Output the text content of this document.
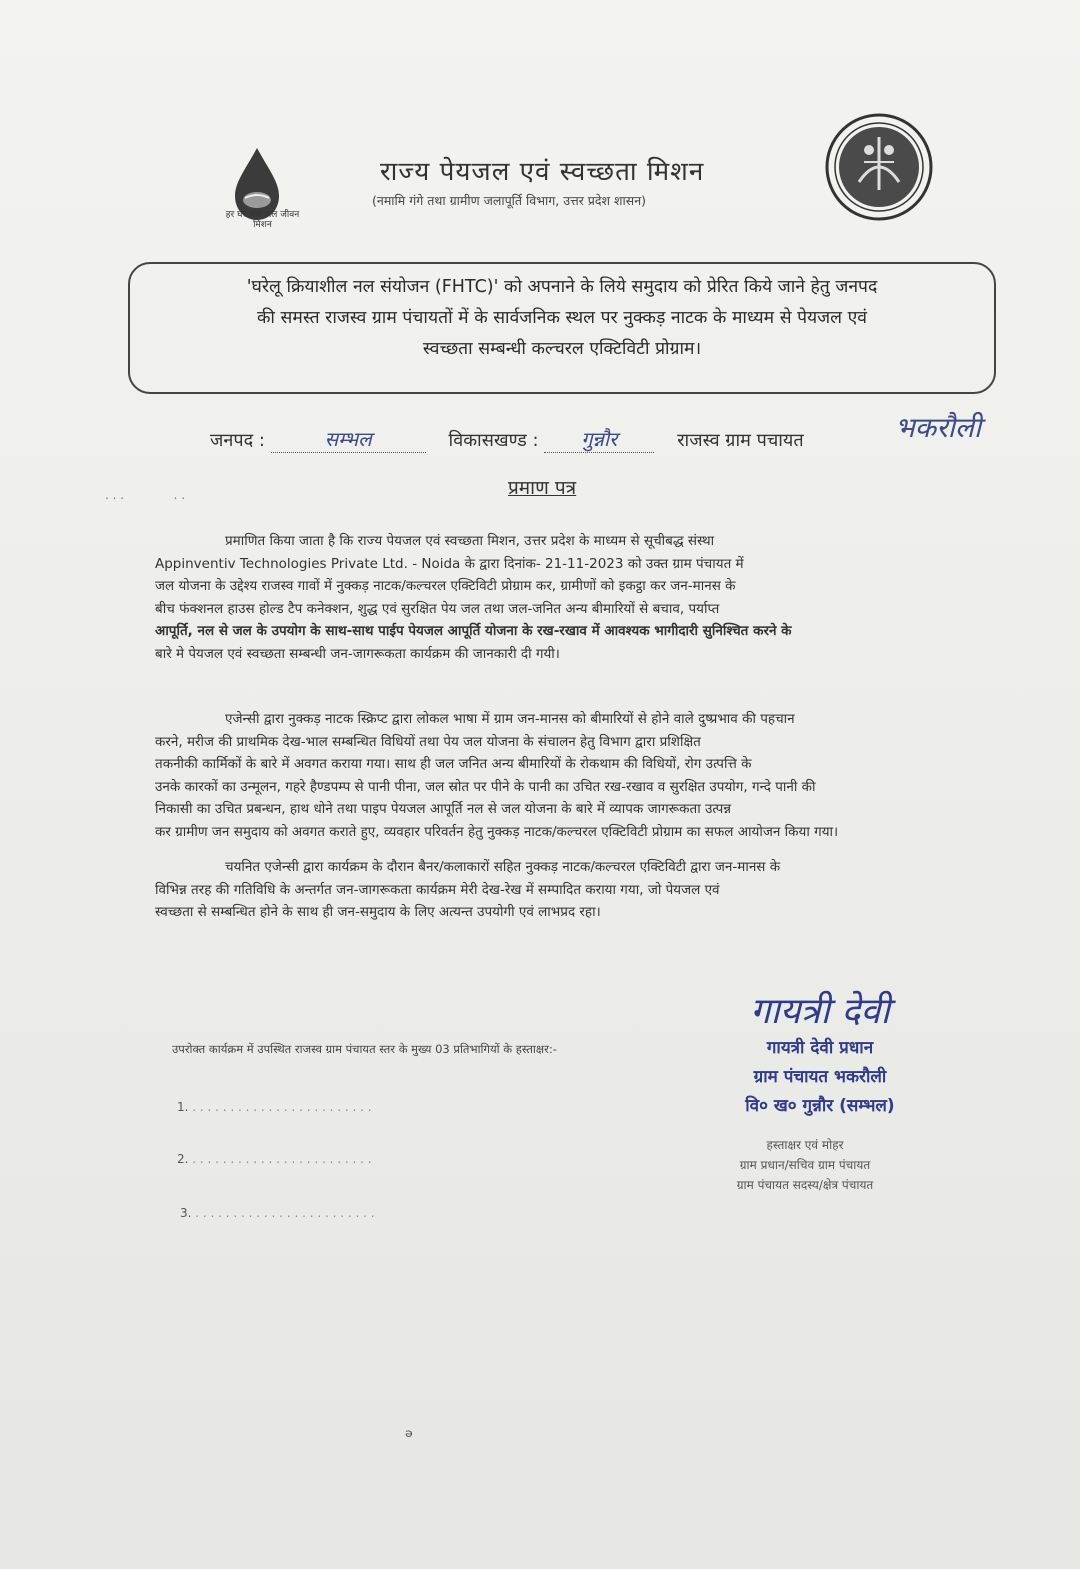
हर घर जल जल जीवन मिशन
राज्य पेयजल एवं स्वच्छता मिशन
(नमामि गंगे तथा ग्रामीण जलापूर्ति विभाग, उत्तर प्रदेश शासन)
'घरेलू क्रियाशील नल संयोजन (FHTC)' को अपनाने के लिये समुदाय को प्रेरित किये जाने हेतु जनपद
की समस्त राजस्व ग्राम पंचायतों में के सार्वजनिक स्थल पर नुक्कड़ नाटक के माध्यम से पेयजल एवं
स्वच्छता सम्बन्धी कल्चरल एक्टिविटी प्रोग्राम।
जनपद :	सम्भल	विकासखण्ड : गुन्नौर	राजस्व ग्राम पचायत	भकरौली
प्रमाण पत्र
. . .             . .
प्रमाणित किया जाता है कि राज्य पेयजल एवं स्वच्छता मिशन, उत्तर प्रदेश के माध्यम से सूचीबद्ध संस्था
Appinventiv Technologies Private Ltd. - Noida के द्वारा दिनांक- 21-11-2023 को उक्त ग्राम पंचायत में
जल योजना के उद्देश्य राजस्व गावों में नुक्कड़ नाटक/कल्चरल एक्टिविटी प्रोग्राम कर, ग्रामीणों को इकट्ठा कर जन-मानस के
बीच फंक्शनल हाउस होल्ड टैप कनेक्शन, शुद्ध एवं सुरक्षित पेय जल तथा जल-जनित अन्य बीमारियों से बचाव, पर्याप्त
आपूर्ति, नल से जल के उपयोग के साथ-साथ पाईप पेयजल आपूर्ति योजना के रख-रखाव में आवश्यक भागीदारी सुनिश्चित करने के
बारे मे पेयजल एवं स्वच्छता सम्बन्धी जन-जागरूकता कार्यक्रम की जानकारी दी गयी।
एजेन्सी द्वारा नुक्कड़ नाटक स्क्रिप्ट द्वारा लोकल भाषा में ग्राम जन-मानस को बीमारियों से होने वाले दुष्प्रभाव की पहचान
करने, मरीज की प्राथमिक देख-भाल सम्बन्धित विधियों तथा पेय जल योजना के संचालन हेतु विभाग द्वारा प्रशिक्षित
तकनीकी कार्मिकों के बारे में अवगत कराया गया। साथ ही जल जनित अन्य बीमारियों के रोकथाम की विधियों, रोग उत्पत्ति के
उनके कारकों का उन्मूलन, गहरे हैण्डपम्प से पानी पीना, जल स्रोत पर पीने के पानी का उचित रख-रखाव व सुरक्षित उपयोग, गन्दे पानी की
निकासी का उचित प्रबन्धन, हाथ धोने तथा पाइप पेयजल आपूर्ति नल से जल योजना के बारे में व्यापक जागरूकता उत्पन्न
कर ग्रामीण जन समुदाय को अवगत कराते हुए, व्यवहार परिवर्तन हेतु नुक्कड़ नाटक/कल्चरल एक्टिविटी प्रोग्राम का सफल आयोजन किया गया।
चयनित एजेन्सी द्वारा कार्यक्रम के दौरान बैनर/कलाकारों सहित नुक्कड़ नाटक/कल्चरल एक्टिविटी द्वारा जन-मानस के
विभिन्न तरह की गतिविधि के अन्तर्गत जन-जागरूकता कार्यक्रम मेरी देख-रेख में सम्पादित कराया गया, जो पेयजल एवं
स्वच्छता से सम्बन्धित होने के साथ ही जन-समुदाय के लिए अत्यन्त उपयोगी एवं लाभप्रद रहा।
गायत्री देवी
गायत्री देवी प्रधान
ग्राम पंचायत भकरौली
वि० ख० गुन्नौर (सम्भल)
हस्ताक्षर एवं मोहर
ग्राम प्रधान/सचिव ग्राम पंचायत
ग्राम पंचायत सदस्य/क्षेत्र पंचायत
उपरोक्त कार्यक्रम में उपस्थित राजस्व ग्राम पंचायत स्तर के मुख्य 03 प्रतिभागियों के हस्ताक्षर:-
1. . . . . . . . . . . . . . . . . . . . . . . . .
2. . . . . . . . . . . . . . . . . . . . . . . . .
3. . . . . . . . . . . . . . . . . . . . . . . . .
ₔ
